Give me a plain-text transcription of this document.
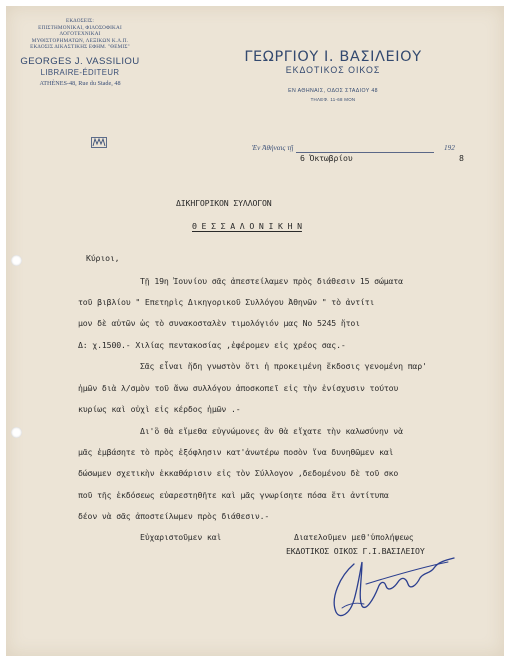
ΕΚΔΟΣΕΙΣ:
ΕΠΙΣΤΗΜΟΝΙΚΑΙ, ΦΙΛΟΣΟΦΙΚΑΙ
ΛΟΓΟΤΕΧΝΙΚΑΙ
ΜΥΘΙΣΤΟΡΗΜΑΤΩΝ, ΛΕΞΙΚΩΝ Κ.Λ.Π.
ΕΚΔΟΣΙΣ ΔΙΚΑΣΤΙΚΗΣ ΕΦΗΜ. "ΘΕΜΙΣ"
GEORGES J. VASSILIOU
LIBRAIRE-ÉDITEUR
ATHÈNES-48, Rue du Stade, 48
ΓΕΩΡΓΙΟΥ Ι. ΒΑΣΙΛΕΙΟΥ
ΕΚΔΟΤΙΚΟΣ ΟΙΚΟΣ
ΕΝ ΑΘΗΝΑΙΣ, ΟΔΟΣ ΣΤΑΔΙΟΥ 48
ΤΗΛΕΦ. 11-68 ΜΟΝ
Ἐν Ἀθήναις τῇ	192
6 Ὀκτωβρίου	8
ΔΙΚΗΓΟΡΙΚΟΝ ΣΥΛΛΟΓΟΝ
Θ Ε Σ Σ Α Λ Ο Ν Ι Κ Η Ν
Κύριοι,
Τῇ 19η Ἰουνίου σᾶς ἀπεστείλαμεν πρὸς διάθεσιν 15 σώματα
τοῦ βιβλίου " Επετηρὶς Δικηγορικοῦ Συλλόγου Ἀθηνῶν " τὸ ἀντίτι
μον δὲ αὐτῶν ὡς τὸ συνακοσταλὲν τιμολόγιόν μας Νο 5245 ἤτοι
Δ: χ.1500.- Χιλίας πεντακοσίας ,ἐφέρομεν εἰς χρέος σας.-
Σᾶς εἶναι ἤδη γνωστὸν ὅτι ἡ προκειμένη ἔκδοσις γενομένη παρ'
ἡμῶν διὰ λ/σμὸν τοῦ ἄνω συλλόγου ἀποσκοπεῖ εἰς τὴν ἐνίσχυσιν τούτου
κυρίως καὶ οὐχὶ εἰς κέρδος ἡμῶν .-
Δι'ὃ θὰ εἴμεθα εὐγνώμονες ἂν θὰ εἴχατε τὴν καλωσύνην νὰ
μᾶς ἐμβάσητε τὸ πρὸς ἐξόφλησιν κατ'ἀνωτέρω ποσὸν ἵνα δυνηθῶμεν καὶ
δώσωμεν σχετικὴν ἐκκαθάρισιν εἰς τὸν Σύλλογον ,δεδομένου δὲ τοῦ σκο
ποῦ τῆς ἐκδόσεως εὐαρεστηθῆτε καὶ μᾶς γνωρίσητε πόσα ἔτι ἀντίτυπα
δέον νὰ σᾶς ἀποστείλωμεν πρὸς διάθεσιν.-
Εὐχαριστοῦμεν καὶ	Διατελοῦμεν μεθ'ὑπολήψεως
ΕΚΔΟΤΙΚΟΣ ΟΙΚΟΣ Γ.Ι.ΒΑΣΙΛΕΙΟΥ
